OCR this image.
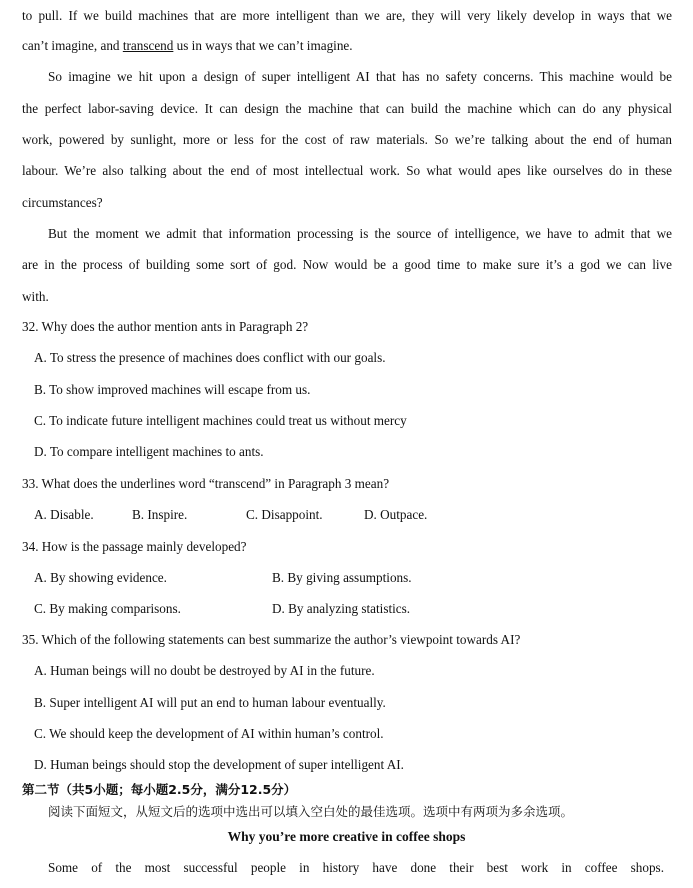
to pull. If we build machines that are more intelligent than we are, they will very likely develop in ways that we
can’t imagine, and transcend us in ways that we can’t imagine.
So imagine we hit upon a design of super intelligent AI that has no safety concerns. This machine would be
the perfect labor-saving device. It can design the machine that can build the machine which can do any physical
work, powered by sunlight, more or less for the cost of raw materials. So we’re talking about the end of human
labour. We’re also talking about the end of most intellectual work. So what would apes like ourselves do in these
circumstances?
But the moment we admit that information processing is the source of intelligence, we have to admit that we
are in the process of building some sort of god. Now would be a good time to make sure it’s a god we can live
with.
32. Why does the author mention ants in Paragraph 2?
A. To stress the presence of machines does conflict with our goals.
B. To show improved machines will escape from us.
C. To indicate future intelligent machines could treat us without mercy
D. To compare intelligent machines to ants.
33. What does the underlines word “transcend” in Paragraph 3 mean?
A. Disable.	B. Inspire.	C. Disappoint.	D. Outpace.
34. How is the passage mainly developed?
A. By showing evidence.	B. By giving assumptions.
C. By making comparisons.	D. By analyzing statistics.
35. Which of the following statements can best summarize the author’s viewpoint towards AI?
A. Human beings will no doubt be destroyed by AI in the future.
B. Super intelligent AI will put an end to human labour eventually.
C. We should keep the development of AI within human’s control.
D. Human beings should stop the development of super intelligent AI.
第二节（共5小题；每小题2.5分，满分12.5分）
阅读下面短文，从短文后的选项中选出可以填入空白处的最佳选项。选项中有两项为多余选项。
Why you’re more creative in coffee shops
Some of the most successful people in history have done their best work in coffee shops.
